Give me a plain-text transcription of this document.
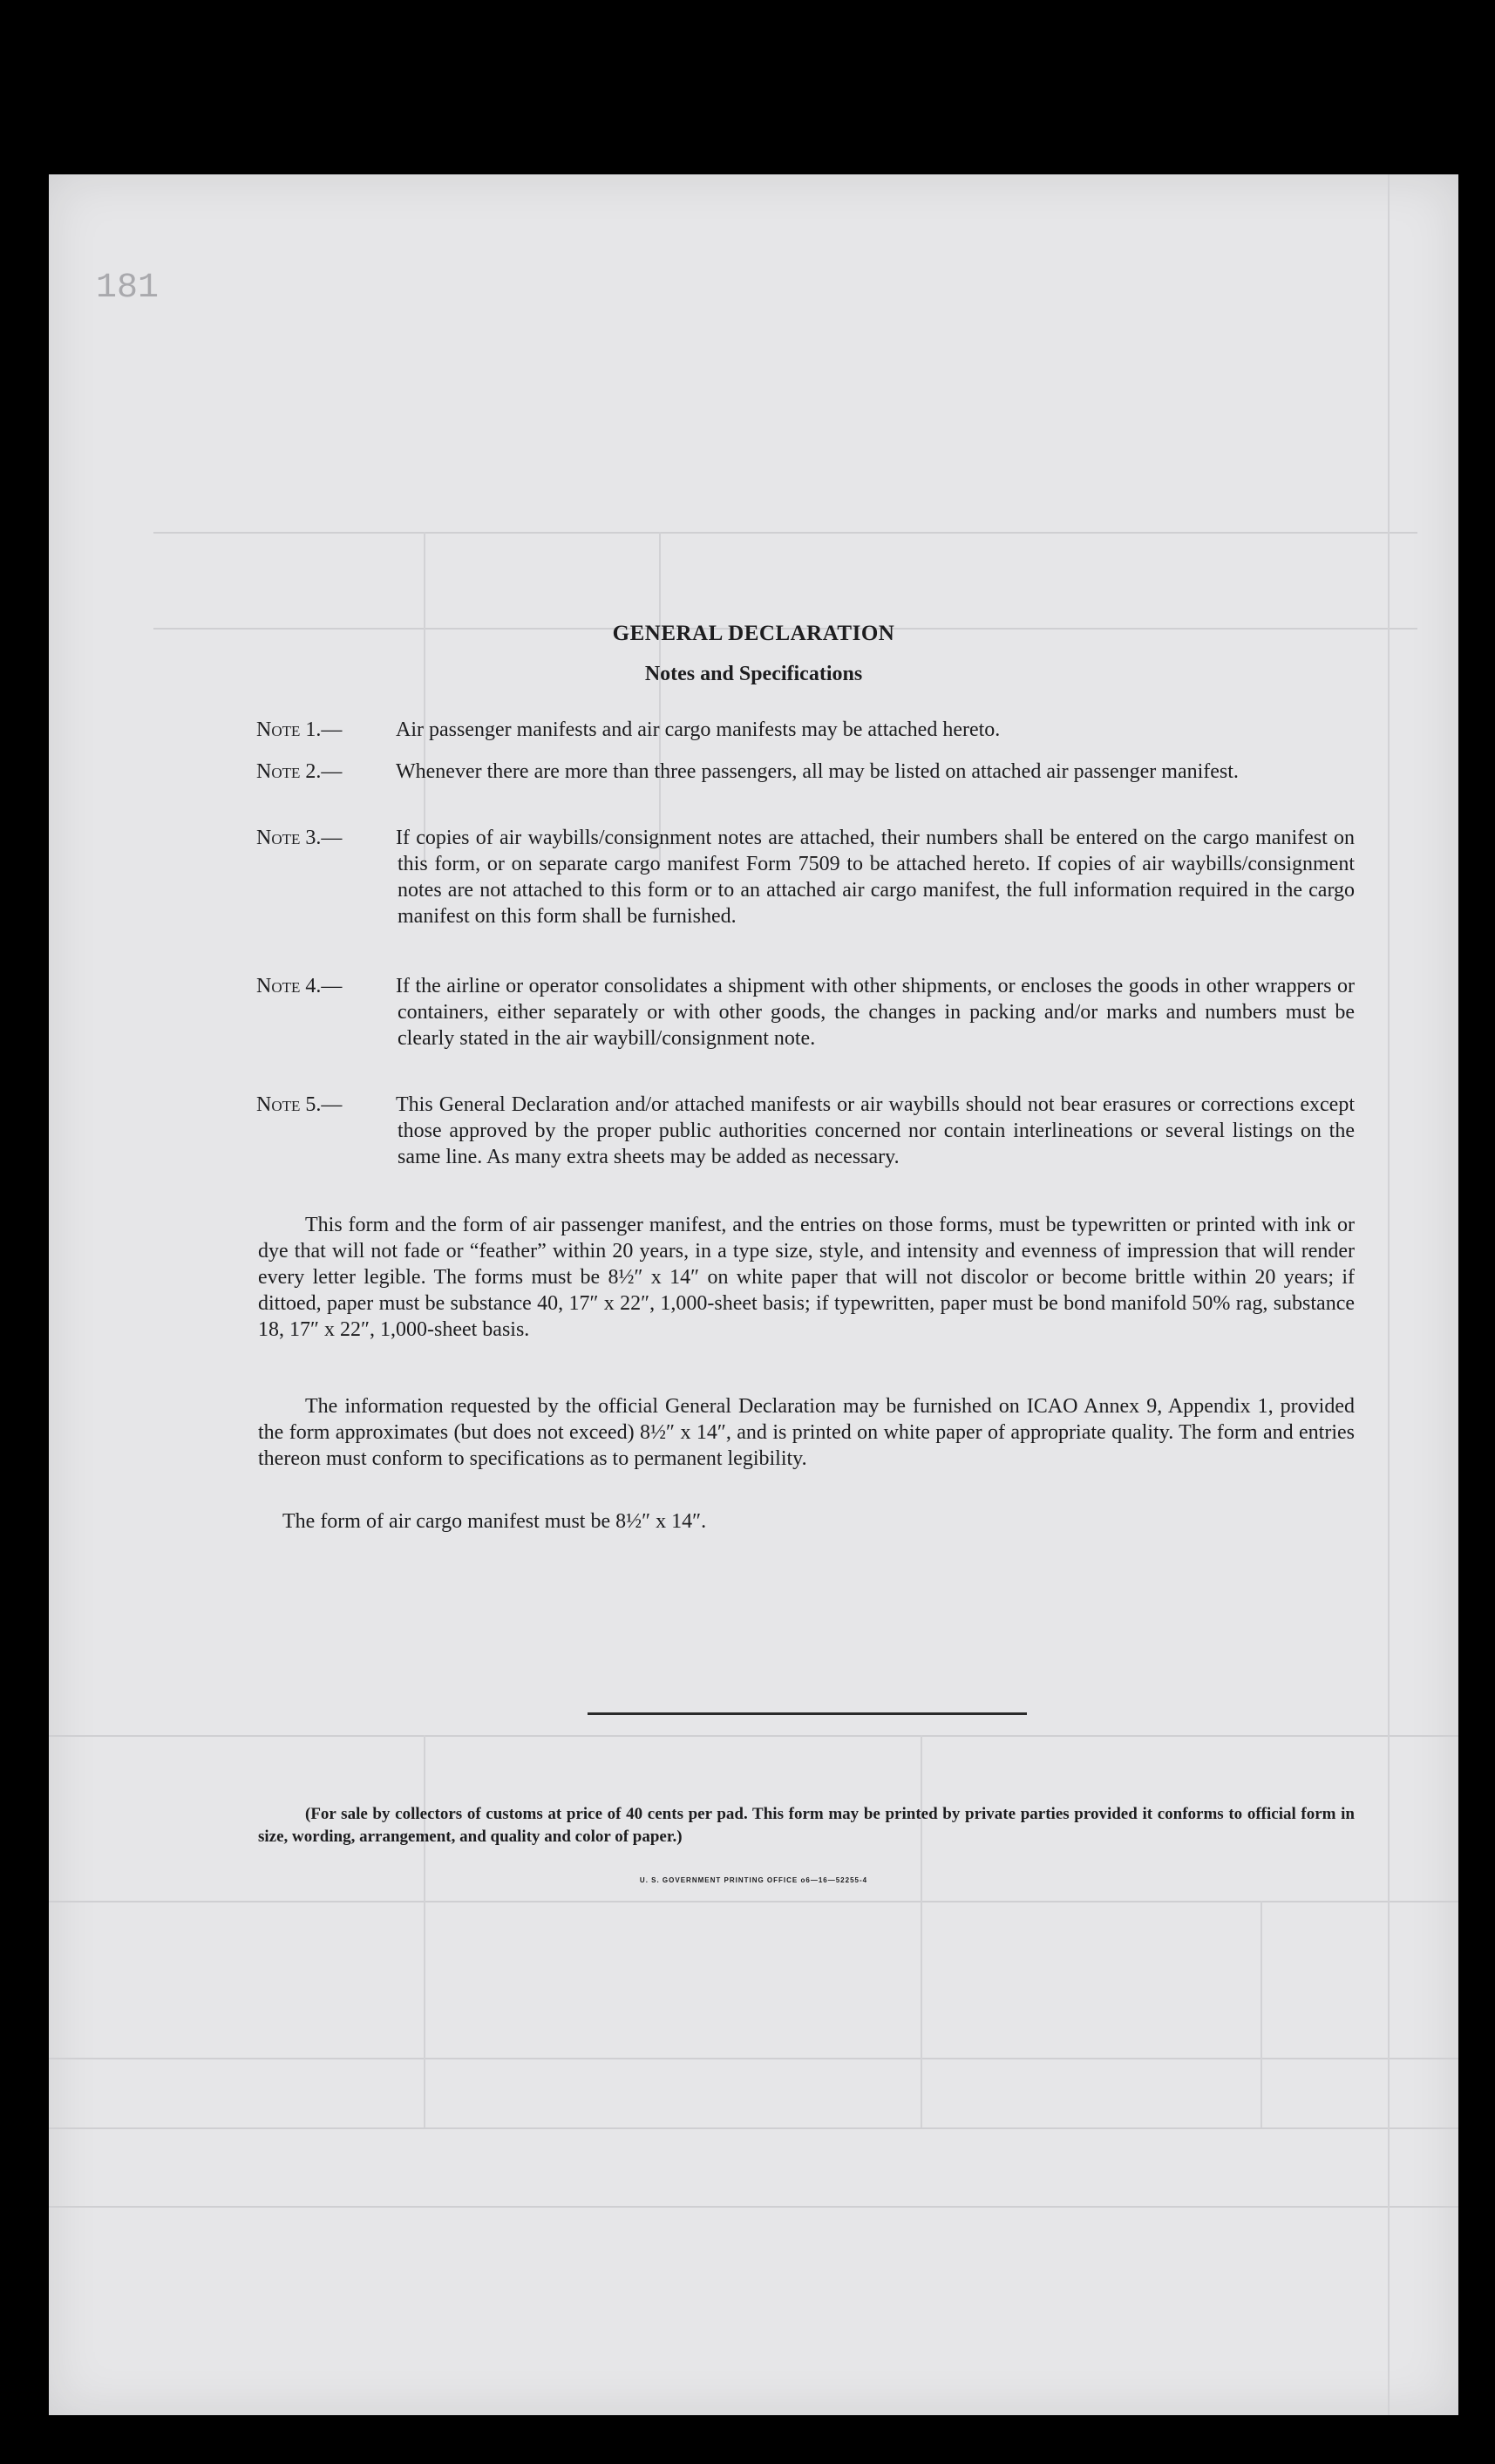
181
GENERAL DECLARATION
Notes and Specifications
Note 1.—	Air passenger manifests and air cargo manifests may be attached hereto.
Note 2.—	Whenever there are more than three passengers, all may be listed on attached air passenger manifest.
Note 3.—	If copies of air waybills/consignment notes are attached, their numbers shall be entered on the cargo manifest on this form, or on separate cargo manifest Form 7509 to be attached hereto. If copies of air waybills/consignment notes are not attached to this form or to an attached air cargo manifest, the full information required in the cargo manifest on this form shall be furnished.
Note 4.—	If the airline or operator consolidates a shipment with other shipments, or encloses the goods in other wrappers or containers, either separately or with other goods, the changes in packing and/or marks and numbers must be clearly stated in the air waybill/consignment note.
Note 5.—	This General Declaration and/or attached manifests or air waybills should not bear erasures or corrections except those approved by the proper public authorities concerned nor contain interlineations or several listings on the same line. As many extra sheets may be added as necessary.
This form and the form of air passenger manifest, and the entries on those forms, must be typewritten or printed with ink or dye that will not fade or “feather” within 20 years, in a type size, style, and intensity and evenness of impression that will render every letter legible. The forms must be 8½″ x 14″ on white paper that will not discolor or become brittle within 20 years; if dittoed, paper must be substance 40, 17″ x 22″, 1,000-sheet basis; if typewritten, paper must be bond manifold 50% rag, substance 18, 17″ x 22″, 1,000-sheet basis.
The information requested by the official General Declaration may be furnished on ICAO Annex 9, Appendix 1, provided the form approximates (but does not exceed) 8½″ x 14″, and is printed on white paper of appropriate quality. The form and entries thereon must conform to specifications as to permanent legibility.
The form of air cargo manifest must be 8½″ x 14″.
(For sale by collectors of customs at price of 40 cents per pad. This form may be printed by private parties provided it conforms to official form in size, wording, arrangement, and quality and color of paper.)
U. S. GOVERNMENT PRINTING OFFICE o6—16—52255-4
